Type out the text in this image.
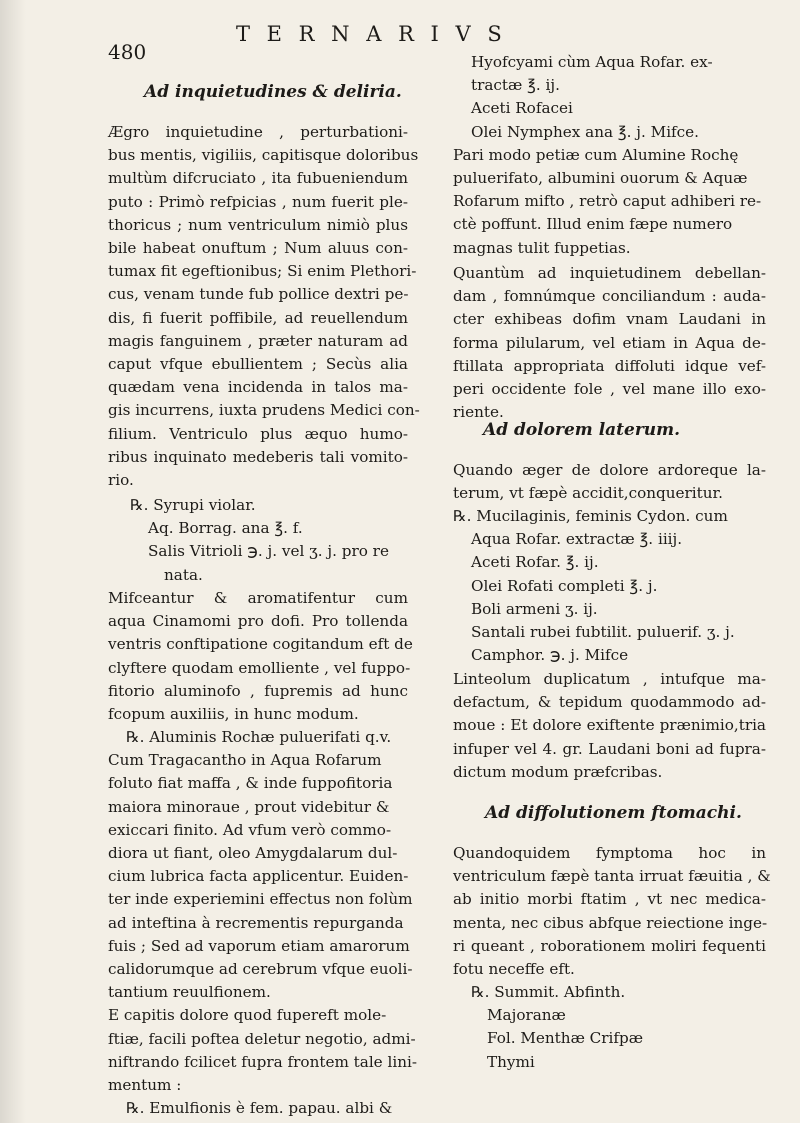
480
T E R N A R I V S
Ad inquietudines & deliria.
Ægro inquietudine , perturbationi-
bus mentis, vigiliis, capitisque doloribus
multùm difcruciato , ita fubueniendum
puto : Primò refpicias , num fuerit ple-
thoricus ; num ventriculum nimiò plus
bile habeat onuftum ; Num aluus con-
tumax fit egeftionibus; Si enim Plethori-
cus, venam tunde fub pollice dextri pe-
dis, fi fuerit poffibile, ad reuellendum
magis fanguinem , præter naturam ad
caput vfque ebullientem ; Secùs alia
quædam vena incidenda in talos ma-
gis incurrens, iuxta prudens Medici con-
filium. Ventriculo plus æquo humo-
ribus inquinato medeberis tali vomito-
rio.
℞. Syrupi violar.
Aq. Borrag. ana ℥. f.
Salis Vitrioli ℈. j. vel ʒ. j. pro re
nata.
Mifceantur & aromatifentur cum
aqua Cinamomi pro dofi. Pro tollenda
ventris conftipatione cogitandum eft de
clyftere quodam emolliente , vel fuppo-
fitorio aluminofo , fupremis ad hunc
fcopum auxiliis, in hunc modum.
℞. Aluminis Rochæ puluerifati q.v.
Cum Tragacantho in Aqua Rofarum
foluto fiat maffa , & inde fuppofitoria
maiora minoraue , prout videbitur &
exiccari finito. Ad vfum verò commo-
diora ut fiant, oleo Amygdalarum dul-
cium lubrica facta applicentur. Euiden-
ter inde experiemini effectus non folùm
ad inteftina à recrementis repurganda
fuis ; Sed ad vaporum etiam amarorum
calidorumque ad cerebrum vfque euoli-
tantium reuulfionem.
E capitis dolore quod fupereft mole-
ftiæ, facili poftea deletur negotio, admi-
niftrando fcilicet fupra frontem tale lini-
mentum :
℞. Emulfionis è fem. papau. albi &
Hyofcyami cùm Aqua Rofar. ex-
tractæ ℥. ij.
Aceti Rofacei
Olei Nymphex ana ℥. j. Mifce.
Pari modo petiæ cum Alumine Rochę
puluerifato, albumini ouorum & Aquæ
Rofarum mifto , retrò caput adhiberi re-
ctè poffunt. Illud enim fæpe numero
magnas tulit fuppetias.
Quantùm ad inquietudinem debellan-
dam , fomnúmque conciliandum : auda-
cter exhibeas dofim vnam Laudani in
forma pilularum, vel etiam in Aqua de-
ftillata appropriata diffoluti idque vef-
peri occidente fole , vel mane illo exo-
riente.
Ad dolorem laterum.
Quando æger de dolore ardoreque la-
terum, vt fæpè accidit,conqueritur.
℞. Mucilaginis, feminis Cydon. cum
Aqua Rofar. extractæ ℥. iiij.
Aceti Rofar. ℥. ij.
Olei Rofati completi ℥. j.
Boli armeni ʒ. ij.
Santali rubei fubtilit. puluerif. ʒ. j.
Camphor. ℈. j. Mifce
Linteolum duplicatum , intufque ma-
defactum, & tepidum quodammodo ad-
moue : Et dolore exiftente prænimio,tria
infuper vel 4. gr. Laudani boni ad fupra-
dictum modum præfcribas.
Ad diffolutionem ftomachi.
Quandoquidem fymptoma hoc in
ventriculum fæpè tanta irruat fæuitia , &
ab initio morbi ftatim , vt nec medica-
menta, nec cibus abfque reiectione inge-
ri queant , roborationem moliri fequenti
fotu neceffe eft.
℞. Summit. Abfinth.
Majoranæ
Fol. Menthæ Crifpæ
Thymi
